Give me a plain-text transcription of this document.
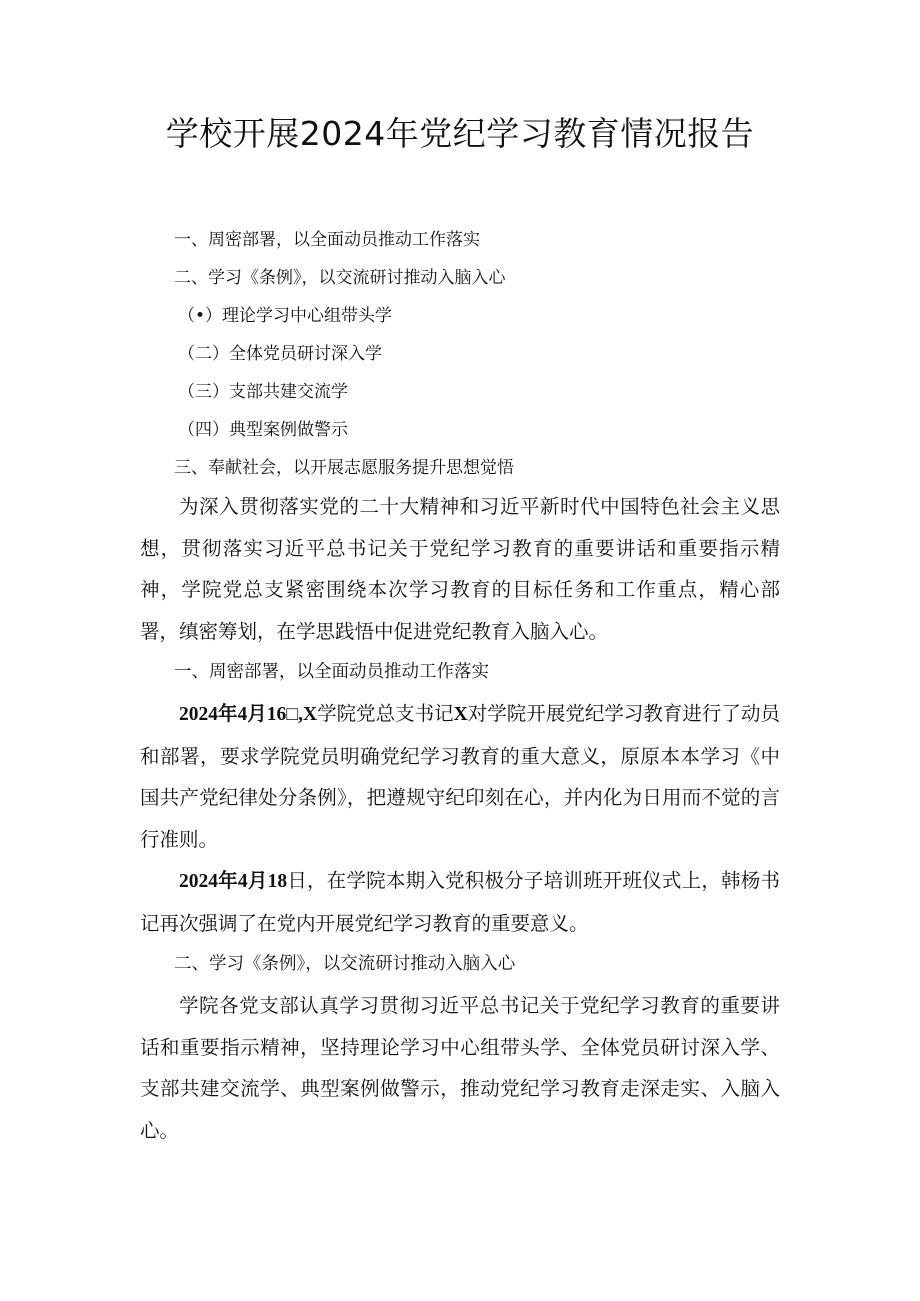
学校开展2024年党纪学习教育情况报告
一、周密部署，以全面动员推动工作落实
二、学习《条例》，以交流研讨推动入脑入心
（•）理论学习中心组带头学
（二）全体党员研讨深入学
（三）支部共建交流学
（四）典型案例做警示
三、奉献社会，以开展志愿服务提升思想觉悟

为深入贯彻落实党的二十大精神和习近平新时代中国特色社会主义思想，贯彻落实习近平总书记关于党纪学习教育的重要讲话和重要指示精神，学院党总支紧密围绕本次学习教育的目标任务和工作重点，精心部署，缜密筹划，在学思践悟中促进党纪教育入脑入心。

一、周密部署，以全面动员推动工作落实

2024年4月16□,X学院党总支书记X对学院开展党纪学习教育进行了动员和部署，要求学院党员明确党纪学习教育的重大意义，原原本本学习《中国共产党纪律处分条例》，把遵规守纪印刻在心，并内化为日用而不觉的言行准则。

2024年4月18日，在学院本期入党积极分子培训班开班仪式上，韩杨书记再次强调了在党内开展党纪学习教育的重要意义。

二、学习《条例》，以交流研讨推动入脑入心

学院各党支部认真学习贯彻习近平总书记关于党纪学习教育的重要讲话和重要指示精神，坚持理论学习中心组带头学、全体党员研讨深入学、支部共建交流学、典型案例做警示，推动党纪学习教育走深走实、入脑入心。
